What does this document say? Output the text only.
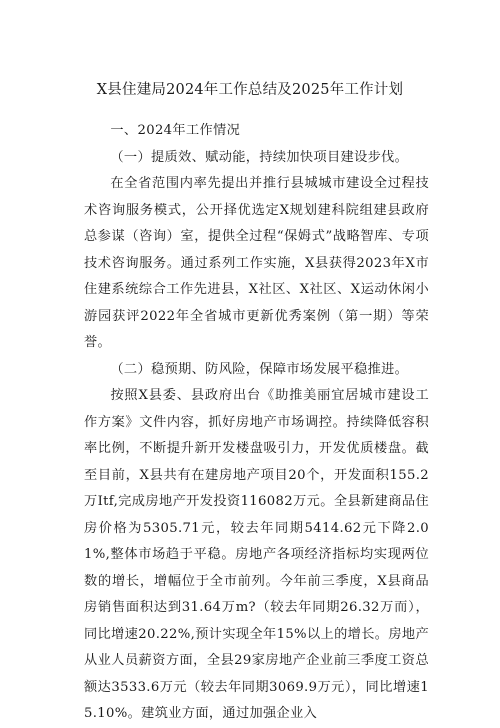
X县住建局2024年工作总结及2025年工作计划

一、2024年工作情况

（一）提质效、赋动能，持续加快项目建设步伐。

在全省范围内率先提出并推行县城城市建设全过程技术咨询服务模式，公开择优选定X规划建科院组建县政府总参谋（咨询）室，提供全过程“保姆式”战略智库、专项技术咨询服务。通过系列工作实施，X县获得2023年X市住建系统综合工作先进县，X社区、X社区、X运动休闲小游园获评2022年全省城市更新优秀案例（第一期）等荣誉。

（二）稳预期、防风险，保障市场发展平稳推进。

按照X县委、县政府出台《助推美丽宜居城市建设工作方案》文件内容，抓好房地产市场调控。持续降低容积率比例，不断提升新开发楼盘吸引力，开发优质楼盘。截至目前，X县共有在建房地产项目20个，开发面积155.2万Itf,完成房地产开发投资116082万元。全县新建商品住房价格为5305.71元，较去年同期5414.62元下降2.01%,整体市场趋于平稳。房地产各项经济指标均实现两位数的增长，增幅位于全市前列。今年前三季度，X县商品房销售面积达到31.64万m?（较去年同期26.32万而），同比增速20.22%,预计实现全年15%以上的增长。房地产从业人员薪资方面，全县29家房地产企业前三季度工资总额达3533.6万元（较去年同期3069.9万元），同比增速15.10%。建筑业方面，通过加强企业入
